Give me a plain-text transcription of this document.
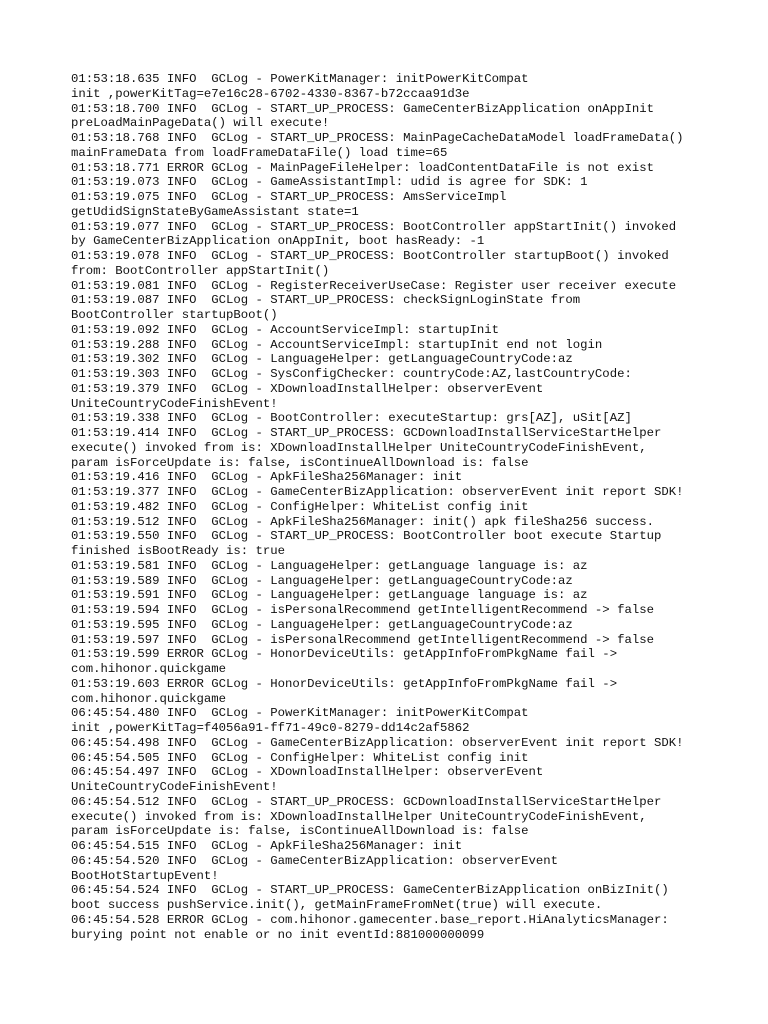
01:53:18.635 INFO  GCLog - PowerKitManager: initPowerKitCompat
init ,powerKitTag=e7e16c28-6702-4330-8367-b72ccaa91d3e
01:53:18.700 INFO  GCLog - START_UP_PROCESS: GameCenterBizApplication onAppInit
preLoadMainPageData() will execute!
01:53:18.768 INFO  GCLog - START_UP_PROCESS: MainPageCacheDataModel loadFrameData()
mainFrameData from loadFrameDataFile() load time=65
01:53:18.771 ERROR GCLog - MainPageFileHelper: loadContentDataFile is not exist
01:53:19.073 INFO  GCLog - GameAssistantImpl: udid is agree for SDK: 1
01:53:19.075 INFO  GCLog - START_UP_PROCESS: AmsServiceImpl
getUdidSignStateByGameAssistant state=1
01:53:19.077 INFO  GCLog - START_UP_PROCESS: BootController appStartInit() invoked
by GameCenterBizApplication onAppInit, boot hasReady: -1
01:53:19.078 INFO  GCLog - START_UP_PROCESS: BootController startupBoot() invoked
from: BootController appStartInit()
01:53:19.081 INFO  GCLog - RegisterReceiverUseCase: Register user receiver execute
01:53:19.087 INFO  GCLog - START_UP_PROCESS: checkSignLoginState from
BootController startupBoot()
01:53:19.092 INFO  GCLog - AccountServiceImpl: startupInit
01:53:19.288 INFO  GCLog - AccountServiceImpl: startupInit end not login
01:53:19.302 INFO  GCLog - LanguageHelper: getLanguageCountryCode:az
01:53:19.303 INFO  GCLog - SysConfigChecker: countryCode:AZ,lastCountryCode:
01:53:19.379 INFO  GCLog - XDownloadInstallHelper: observerEvent
UniteCountryCodeFinishEvent!
01:53:19.338 INFO  GCLog - BootController: executeStartup: grs[AZ], uSit[AZ]
01:53:19.414 INFO  GCLog - START_UP_PROCESS: GCDownloadInstallServiceStartHelper
execute() invoked from is: XDownloadInstallHelper UniteCountryCodeFinishEvent,
param isForceUpdate is: false, isContinueAllDownload is: false
01:53:19.416 INFO  GCLog - ApkFileSha256Manager: init
01:53:19.377 INFO  GCLog - GameCenterBizApplication: observerEvent init report SDK!
01:53:19.482 INFO  GCLog - ConfigHelper: WhiteList config init
01:53:19.512 INFO  GCLog - ApkFileSha256Manager: init() apk fileSha256 success.
01:53:19.550 INFO  GCLog - START_UP_PROCESS: BootController boot execute Startup
finished isBootReady is: true
01:53:19.581 INFO  GCLog - LanguageHelper: getLanguage language is: az
01:53:19.589 INFO  GCLog - LanguageHelper: getLanguageCountryCode:az
01:53:19.591 INFO  GCLog - LanguageHelper: getLanguage language is: az
01:53:19.594 INFO  GCLog - isPersonalRecommend getIntelligentRecommend -> false
01:53:19.595 INFO  GCLog - LanguageHelper: getLanguageCountryCode:az
01:53:19.597 INFO  GCLog - isPersonalRecommend getIntelligentRecommend -> false
01:53:19.599 ERROR GCLog - HonorDeviceUtils: getAppInfoFromPkgName fail ->
com.hihonor.quickgame
01:53:19.603 ERROR GCLog - HonorDeviceUtils: getAppInfoFromPkgName fail ->
com.hihonor.quickgame
06:45:54.480 INFO  GCLog - PowerKitManager: initPowerKitCompat
init ,powerKitTag=f4056a91-ff71-49c0-8279-dd14c2af5862
06:45:54.498 INFO  GCLog - GameCenterBizApplication: observerEvent init report SDK!
06:45:54.505 INFO  GCLog - ConfigHelper: WhiteList config init
06:45:54.497 INFO  GCLog - XDownloadInstallHelper: observerEvent
UniteCountryCodeFinishEvent!
06:45:54.512 INFO  GCLog - START_UP_PROCESS: GCDownloadInstallServiceStartHelper
execute() invoked from is: XDownloadInstallHelper UniteCountryCodeFinishEvent,
param isForceUpdate is: false, isContinueAllDownload is: false
06:45:54.515 INFO  GCLog - ApkFileSha256Manager: init
06:45:54.520 INFO  GCLog - GameCenterBizApplication: observerEvent
BootHotStartupEvent!
06:45:54.524 INFO  GCLog - START_UP_PROCESS: GameCenterBizApplication onBizInit()
boot success pushService.init(), getMainFrameFromNet(true) will execute.
06:45:54.528 ERROR GCLog - com.hihonor.gamecenter.base_report.HiAnalyticsManager:
burying point not enable or no init eventId:881000000099
